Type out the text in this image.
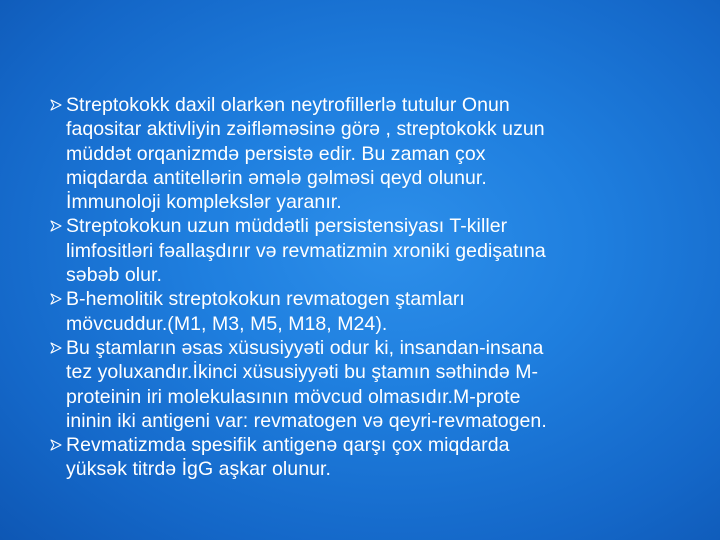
Streptokokk daxil olarkən neytrofillerlə tutulur Onun
faqositar aktivliyin zəifləməsinə görə , streptokokk uzun
müddət orqanizmdə persistə edir. Bu zaman çox
miqdarda antitellərin əmələ gəlməsi qeyd olunur.
İmmunoloji komplekslər yaranır.
Streptokokun uzun müddətli persistensiyası T-killer
limfositləri fəallaşdırır və revmatizmin xroniki gedişatına
səbəb olur.
B-hemolitik streptokokun revmatogen ştamları
mövcuddur.(M1, M3, M5, M18, M24).
Bu ştamların əsas xüsusiyyəti odur ki, insandan-insana
tez yoluxandır.İkinci xüsusiyyəti bu ştamın səthində M-
proteinin iri molekulasının mövcud olmasıdır.M-prote
ininin iki antigeni var: revmatogen və qeyri-revmatogen.
Revmatizmda spesifik antigenə qarşı çox miqdarda
yüksək titrdə İgG aşkar olunur.
